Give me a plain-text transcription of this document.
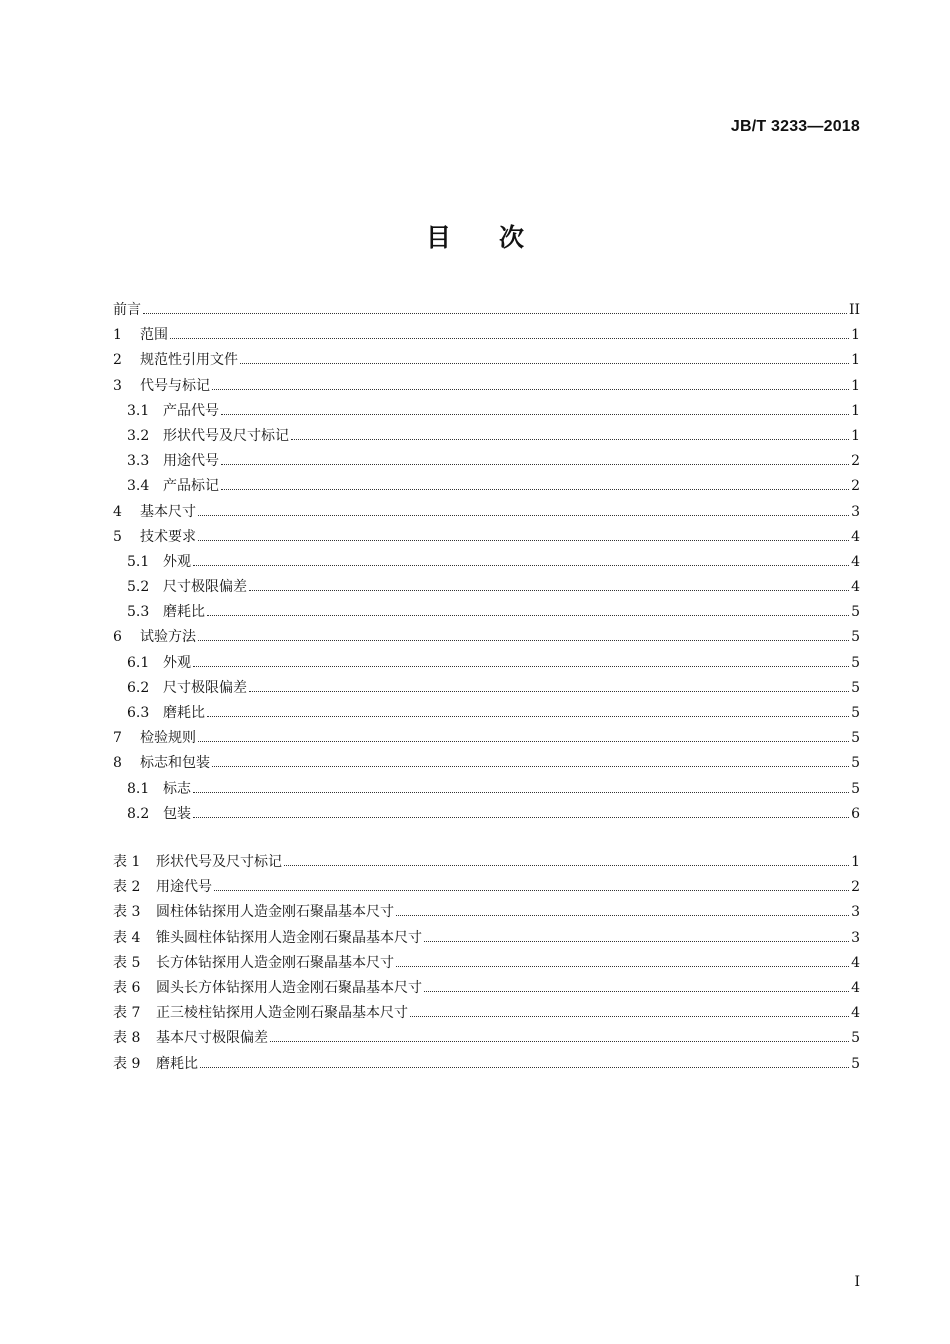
JB/T 3233—2018
目 次
前言	II
1	范围	1
2	规范性引用文件	1
3	代号与标记	1
3.1 产品代号	1
3.2 形状代号及尺寸标记	1
3.3 用途代号	2
3.4 产品标记	2
4	基本尺寸	3
5	技术要求	4
5.1 外观	4
5.2 尺寸极限偏差	4
5.3 磨耗比	5
6	试验方法	5
6.1 外观	5
6.2 尺寸极限偏差	5
6.3 磨耗比	5
7	检验规则	5
8	标志和包装	5
8.1 标志	5
8.2 包装	6
表 1	形状代号及尺寸标记	1
表 2	用途代号	2
表 3	圆柱体钻探用人造金刚石聚晶基本尺寸	3
表 4	锥头圆柱体钻探用人造金刚石聚晶基本尺寸	3
表 5	长方体钻探用人造金刚石聚晶基本尺寸	4
表 6	圆头长方体钻探用人造金刚石聚晶基本尺寸	4
表 7	正三棱柱钻探用人造金刚石聚晶基本尺寸	4
表 8	基本尺寸极限偏差	5
表 9	磨耗比	5
I
